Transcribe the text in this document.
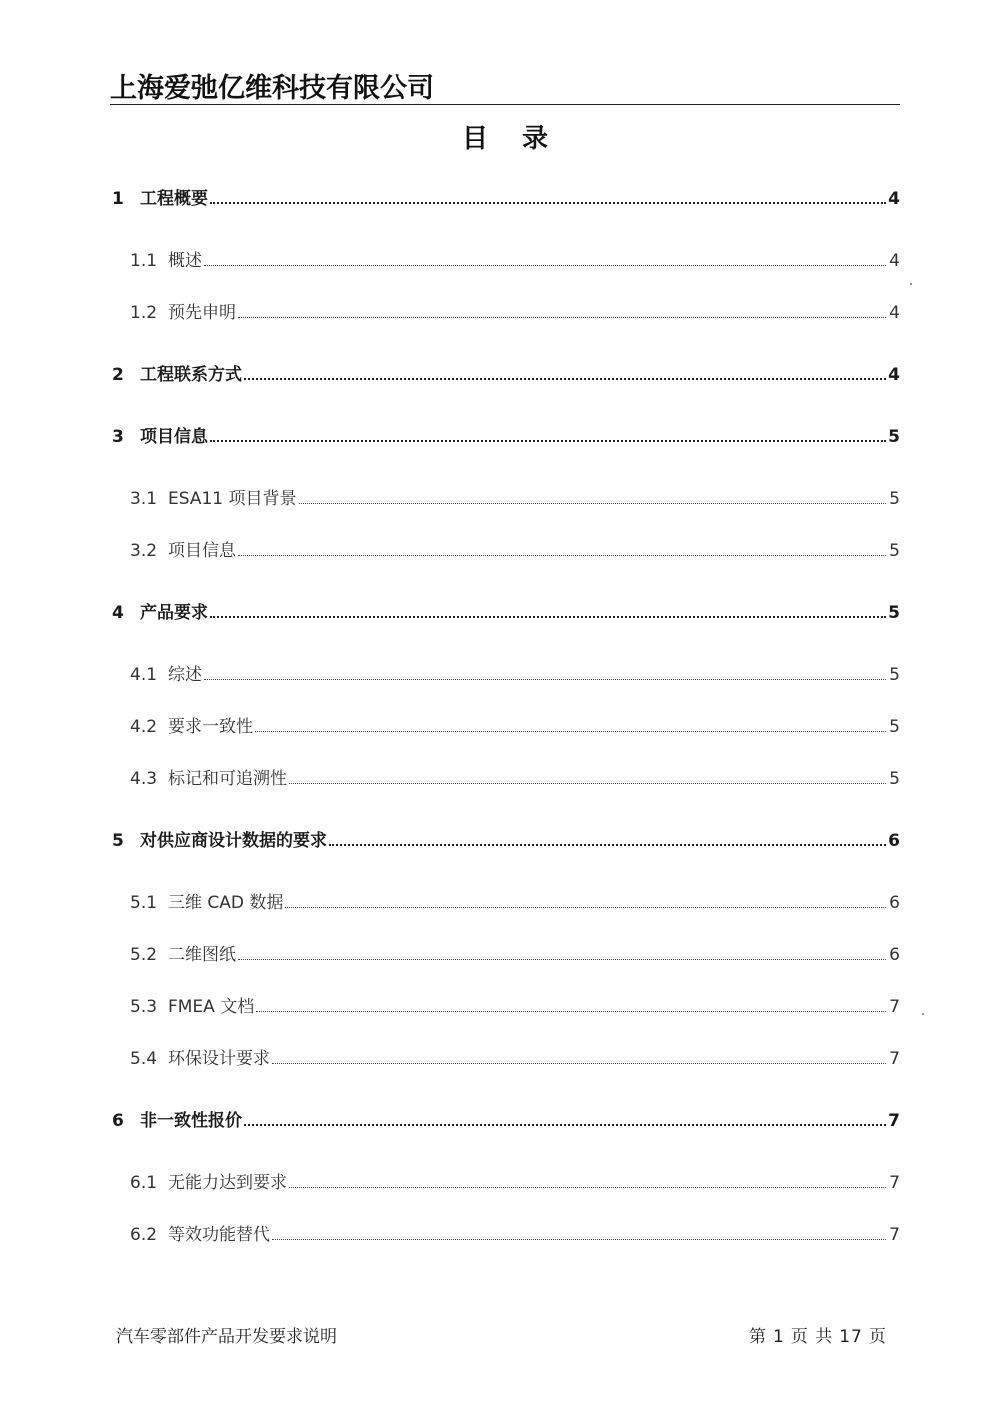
上海爱弛亿维科技有限公司
目 录
1 工程概要	4
1.1 概述	4
1.2 预先申明	4
2 工程联系方式	4
3 项目信息	5
3.1 ESA11 项目背景	5
3.2 项目信息	5
4 产品要求	5
4.1 综述	5
4.2 要求一致性	5
4.3 标记和可追溯性	5
5 对供应商设计数据的要求	6
5.1 三维 CAD 数据	6
5.2 二维图纸	6
5.3 FMEA 文档	7
5.4 环保设计要求	7
6 非一致性报价	7
6.1 无能力达到要求	7
6.2 等效功能替代	7
汽车零部件产品开发要求说明	第 1 页 共 17 页
